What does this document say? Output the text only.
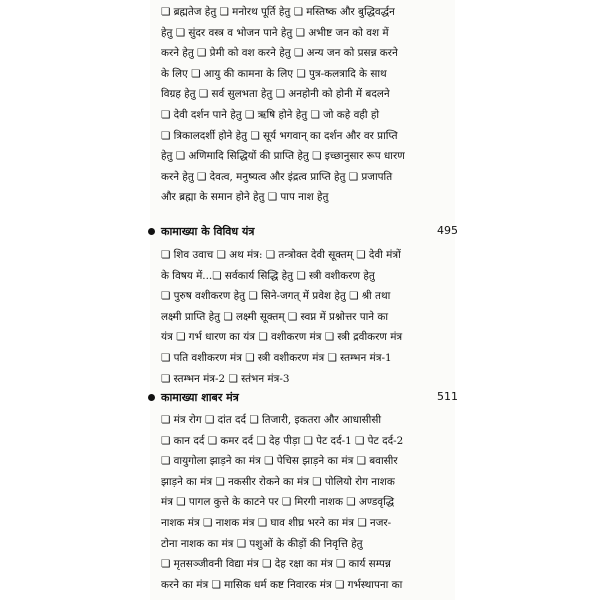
❏ ब्रह्मतेज हेतु ❏ मनोरथ पूर्ति हेतु ❏ मस्तिष्क और बुद्धिवर्द्धन
हेतु ❏ सुंदर वस्त्र व भोजन पाने हेतु ❏ अभीष्ट जन को वश में
करने हेतु ❏ प्रेमी को वश करने हेतु ❏ अन्य जन को प्रसन्न करने
के लिए ❏ आयु की कामना के लिए ❏ पुत्र-कलत्रादि के साथ
विग्रह हेतु ❏ सर्व सुलभता हेतु ❏ अनहोनी को होनी में बदलने
❏ देवी दर्शन पाने हेतु ❏ ऋषि होने हेतु ❏ जो कहे वही हो
❏ त्रिकालदर्शी होने हेतु ❏ सूर्य भगवान् का दर्शन और वर प्राप्ति
हेतु ❏ अणिमादि सिद्धियों की प्राप्ति हेतु ❏ इच्छानुसार रूप धारण
करने हेतु ❏ देवत्व, मनुष्यत्व और इंद्रत्व प्राप्ति हेतु ❏ प्रजापति
और ब्रह्मा के समान होने हेतु ❏ पाप नाश हेतु
कामाख्या के विविध यंत्र	495
❏ शिव उवाच ❏ अथ मंत्र: ❏ तन्त्रोक्त देवी सूक्तम् ❏ देवी मंत्रों
के विषय में...❏ सर्वकार्य सिद्धि हेतु ❏ स्त्री वशीकरण हेतु
❏ पुरुष वशीकरण हेतु ❏ सिने-जगत् में प्रवेश हेतु ❏ श्री तथा
लक्ष्मी प्राप्ति हेतु ❏ लक्ष्मी सूक्तम् ❏ स्वप्न में प्रश्नोत्तर पाने का
यंत्र ❏ गर्भ धारण का यंत्र ❏ वशीकरण मंत्र ❏ स्त्री द्रवीकरण मंत्र
❏ पति वशीकरण मंत्र ❏ स्त्री वशीकरण मंत्र ❏ स्तम्भन मंत्र-1
❏ स्तम्भन मंत्र-2 ❏ स्तंभन मंत्र-3
कामाख्या शाबर मंत्र	511
❏ मंत्र रोग ❏ दांत दर्द ❏ तिजारी, इकतरा और आधासीसी
❏ कान दर्द ❏ कमर दर्द ❏ देह पीड़ा ❏ पेट दर्द-1 ❏ पेट दर्द-2
❏ वायुगोला झाड़ने का मंत्र ❏ पेचिस झाड़ने का मंत्र ❏ बवासीर
झाड़ने का मंत्र ❏ नकसीर रोकने का मंत्र ❏ पोलियो रोग नाशक
मंत्र ❏ पागल कुत्ते के काटने पर ❏ मिरगी नाशक ❏ अण्डवृद्धि
नाशक मंत्र ❏ नाशक मंत्र ❏ घाव शीघ्र भरने का मंत्र ❏ नजर-
टोना नाशक का मंत्र ❏ पशुओं के कीड़ों की निवृत्ति हेतु
❏ मृतसञ्जीवनी विद्या मंत्र ❏ देह रक्षा का मंत्र ❏ कार्य सम्पन्न
करने का मंत्र ❏ मासिक धर्म कष्ट निवारक मंत्र ❏ गर्भस्थापना का
